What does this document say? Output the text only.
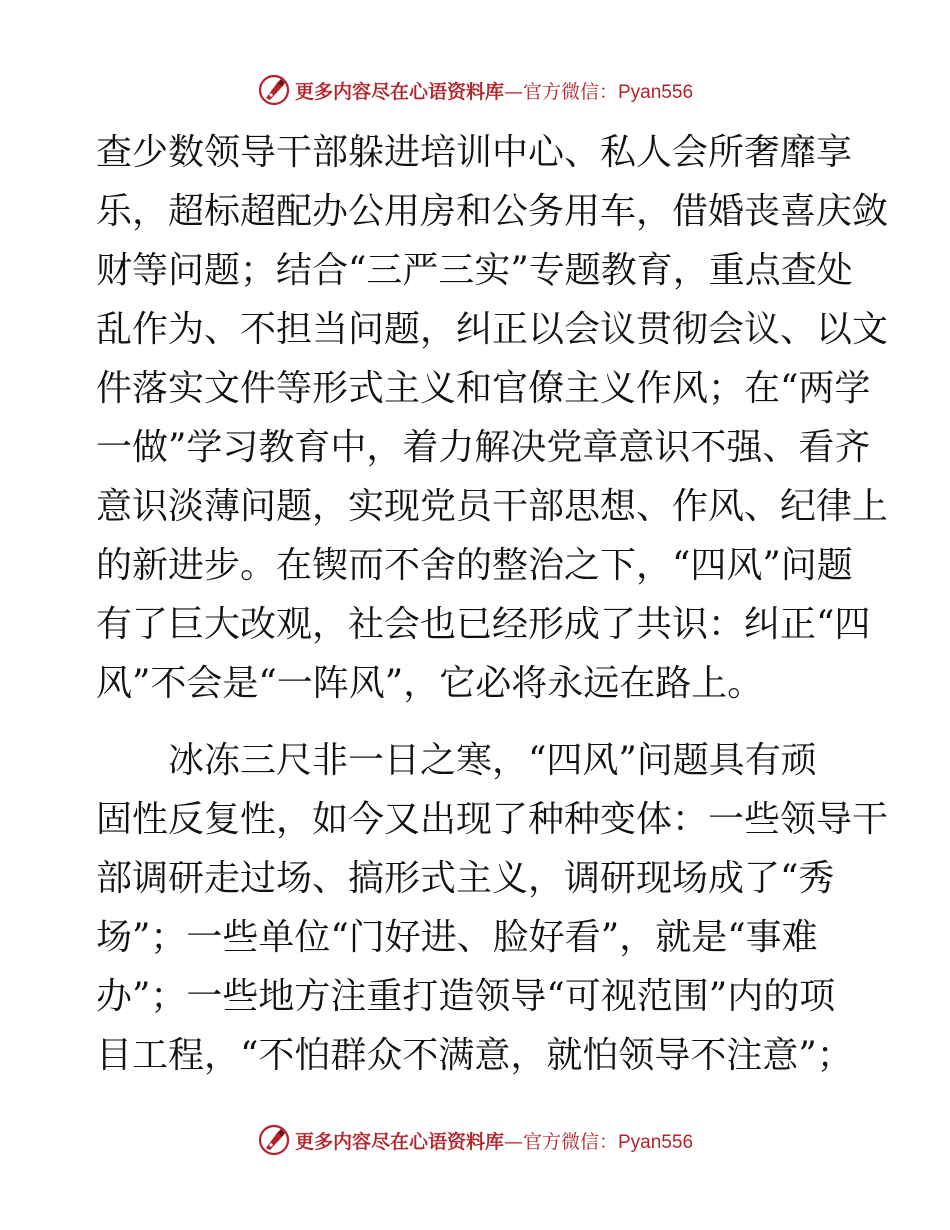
更多内容尽在心语资料库—官方微信：Pyan556
查少数领导干部躲进培训中心、私人会所奢靡享
乐，超标超配办公用房和公务用车，借婚丧喜庆敛
财等问题；结合“三严三实”专题教育，重点查处
乱作为、不担当问题，纠正以会议贯彻会议、以文
件落实文件等形式主义和官僚主义作风；在“两学
一做”学习教育中，着力解决党章意识不强、看齐
意识淡薄问题，实现党员干部思想、作风、纪律上
的新进步。在锲而不舍的整治之下，“四风”问题
有了巨大改观，社会也已经形成了共识：纠正“四
风”不会是“一阵风”，它必将永远在路上。
　　冰冻三尺非一日之寒，“四风”问题具有顽
固性反复性，如今又出现了种种变体：一些领导干
部调研走过场、搞形式主义，调研现场成了“秀
场”；一些单位“门好进、脸好看”，就是“事难
办”；一些地方注重打造领导“可视范围”内的项
目工程，“不怕群众不满意，就怕领导不注意”；
更多内容尽在心语资料库—官方微信：Pyan556
